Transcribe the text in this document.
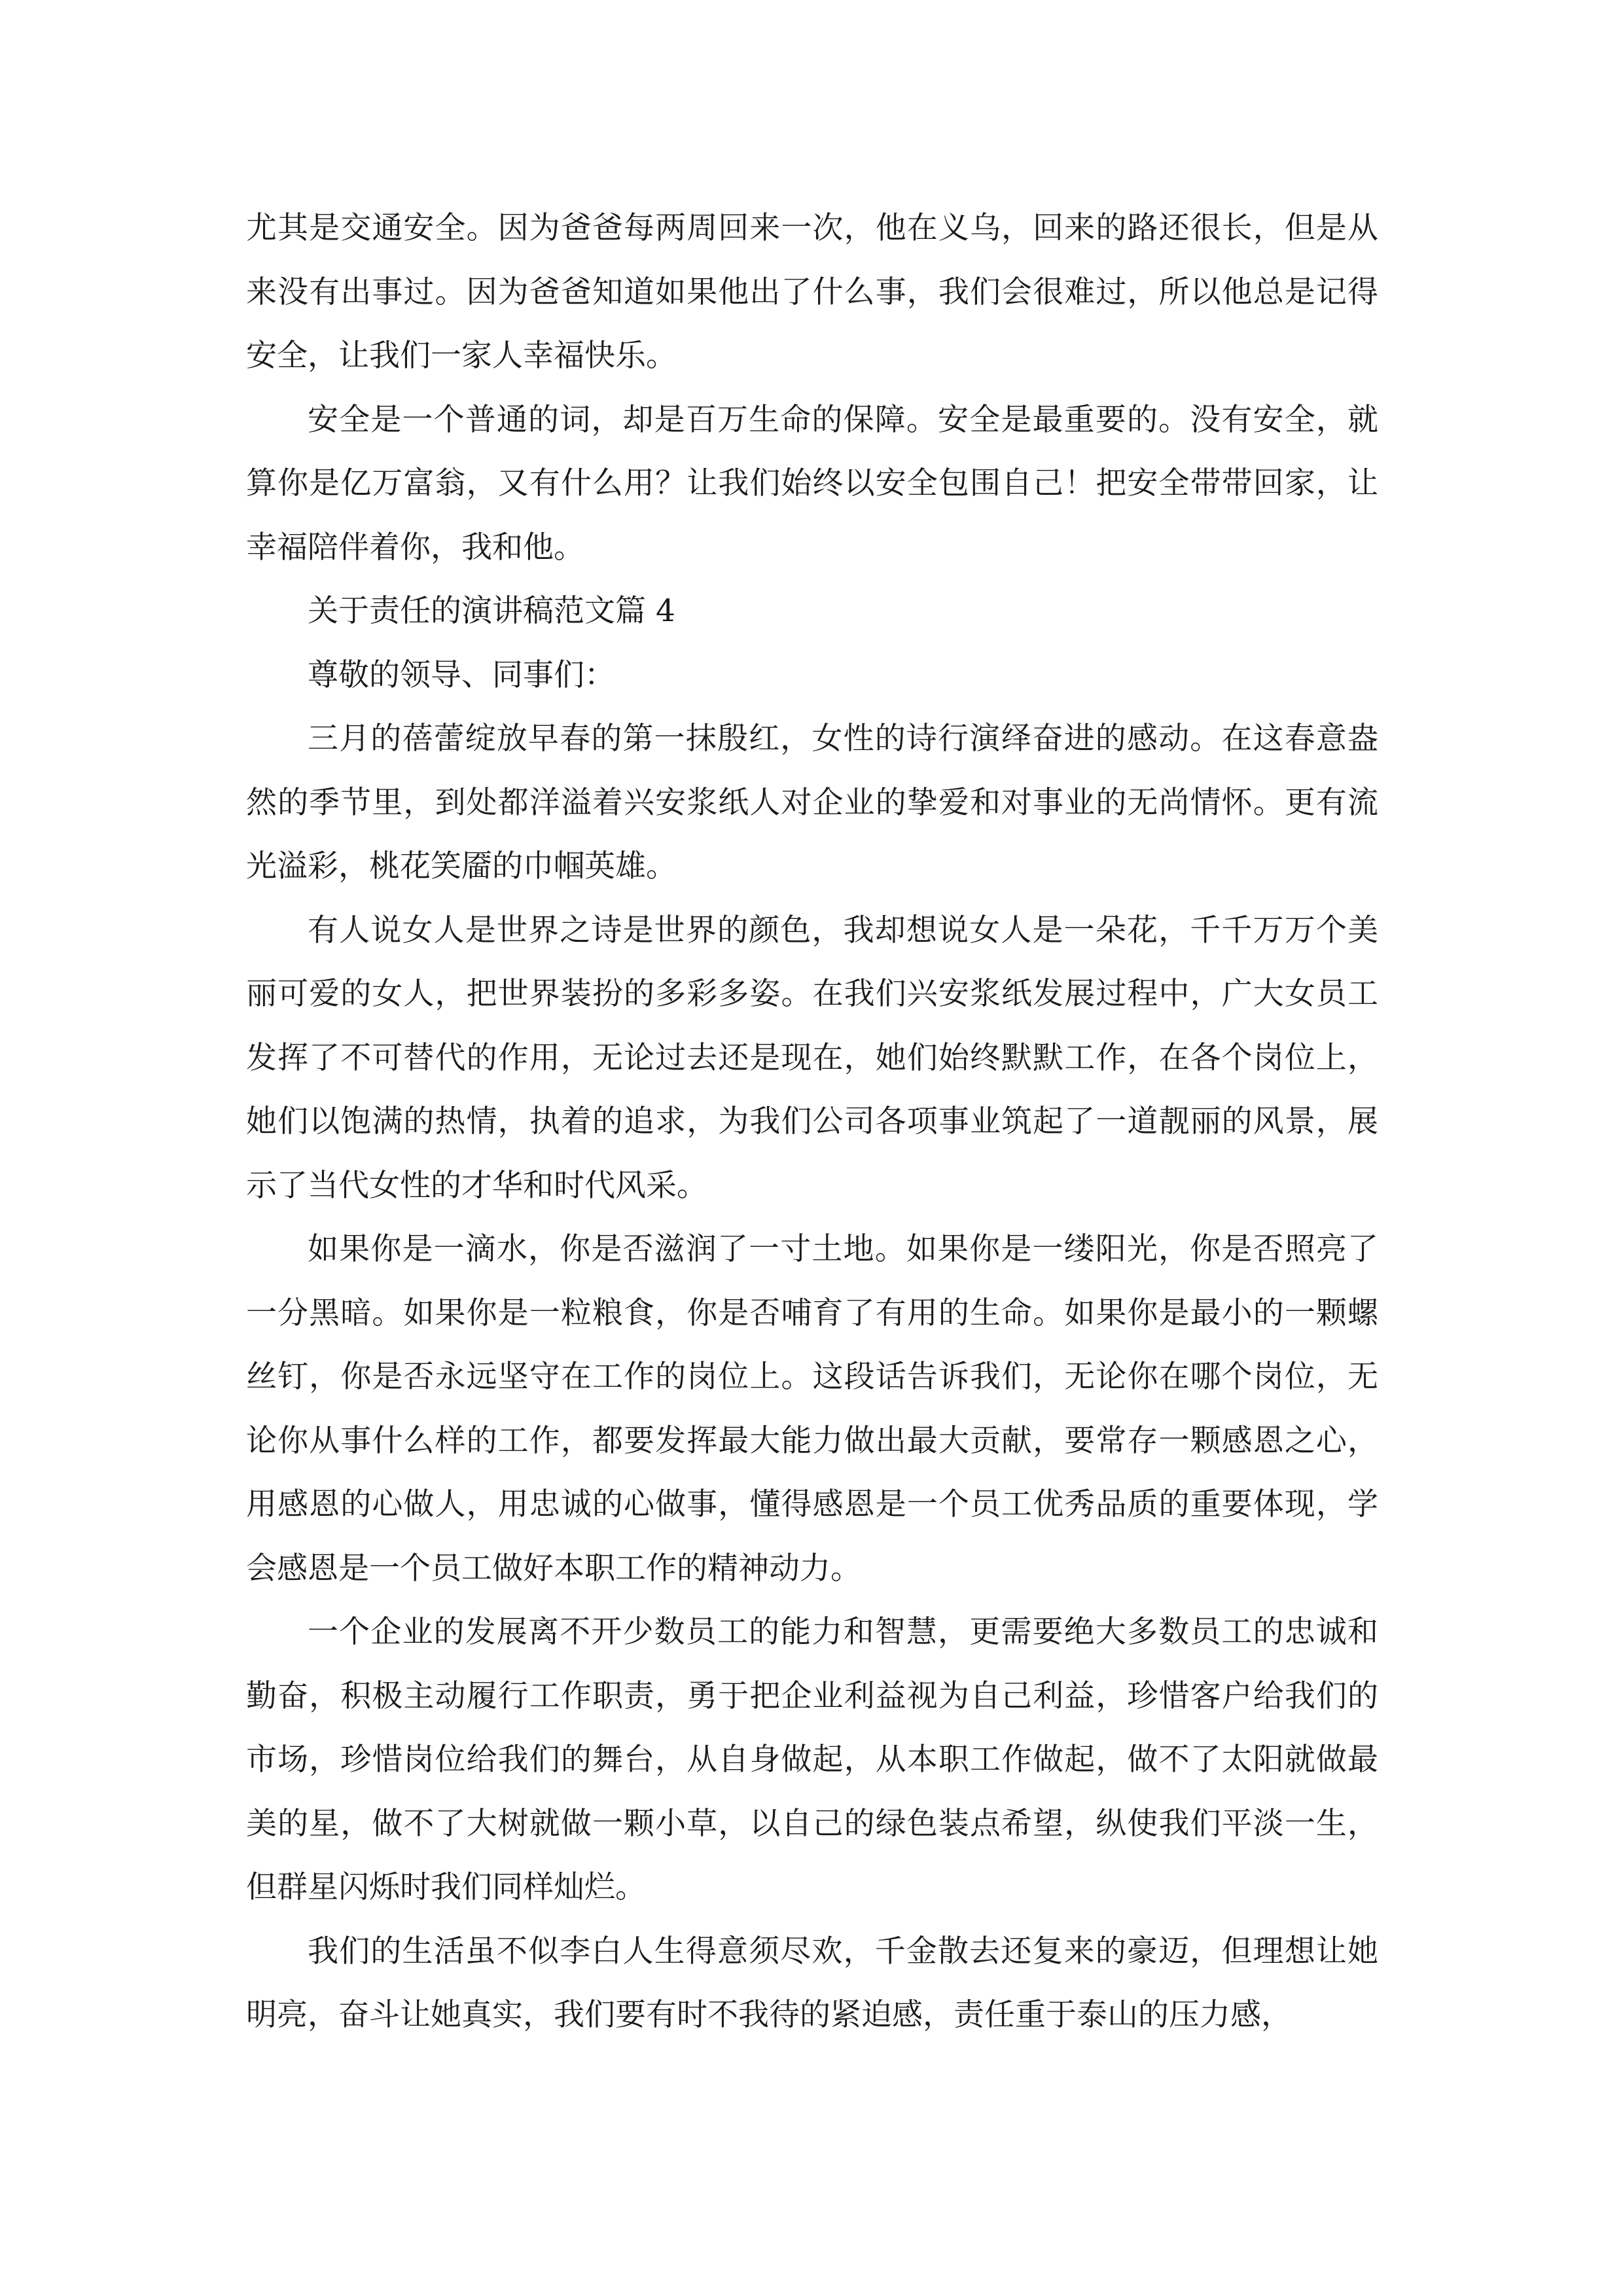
尤其是交通安全。因为爸爸每两周回来一次，他在义乌，回来的路还很长，但是从来没有出事过。因为爸爸知道如果他出了什么事，我们会很难过，所以他总是记得安全，让我们一家人幸福快乐。

安全是一个普通的词，却是百万生命的保障。安全是最重要的。没有安全，就算你是亿万富翁，又有什么用？让我们始终以安全包围自己！把安全带带回家，让幸福陪伴着你，我和他。

关于责任的演讲稿范文篇 4

尊敬的领导、同事们：

三月的蓓蕾绽放早春的第一抹殷红，女性的诗行演绎奋进的感动。在这春意盎然的季节里，到处都洋溢着兴安浆纸人对企业的挚爱和对事业的无尚情怀。更有流光溢彩，桃花笑靥的巾帼英雄。

有人说女人是世界之诗是世界的颜色，我却想说女人是一朵花，千千万万个美丽可爱的女人，把世界装扮的多彩多姿。在我们兴安浆纸发展过程中，广大女员工发挥了不可替代的作用，无论过去还是现在，她们始终默默工作，在各个岗位上，她们以饱满的热情，执着的追求，为我们公司各项事业筑起了一道靓丽的风景，展示了当代女性的才华和时代风采。

如果你是一滴水，你是否滋润了一寸土地。如果你是一缕阳光，你是否照亮了一分黑暗。如果你是一粒粮食，你是否哺育了有用的生命。如果你是最小的一颗螺丝钉，你是否永远坚守在工作的岗位上。这段话告诉我们，无论你在哪个岗位，无论你从事什么样的工作，都要发挥最大能力做出最大贡献，要常存一颗感恩之心，用感恩的心做人，用忠诚的心做事，懂得感恩是一个员工优秀品质的重要体现，学会感恩是一个员工做好本职工作的精神动力。

一个企业的发展离不开少数员工的能力和智慧，更需要绝大多数员工的忠诚和勤奋，积极主动履行工作职责，勇于把企业利益视为自己利益，珍惜客户给我们的市场，珍惜岗位给我们的舞台，从自身做起，从本职工作做起，做不了太阳就做最美的星，做不了大树就做一颗小草，以自己的绿色装点希望，纵使我们平淡一生，但群星闪烁时我们同样灿烂。

我们的生活虽不似李白人生得意须尽欢，千金散去还复来的豪迈，但理想让她明亮，奋斗让她真实，我们要有时不我待的紧迫感，责任重于泰山的压力感，
